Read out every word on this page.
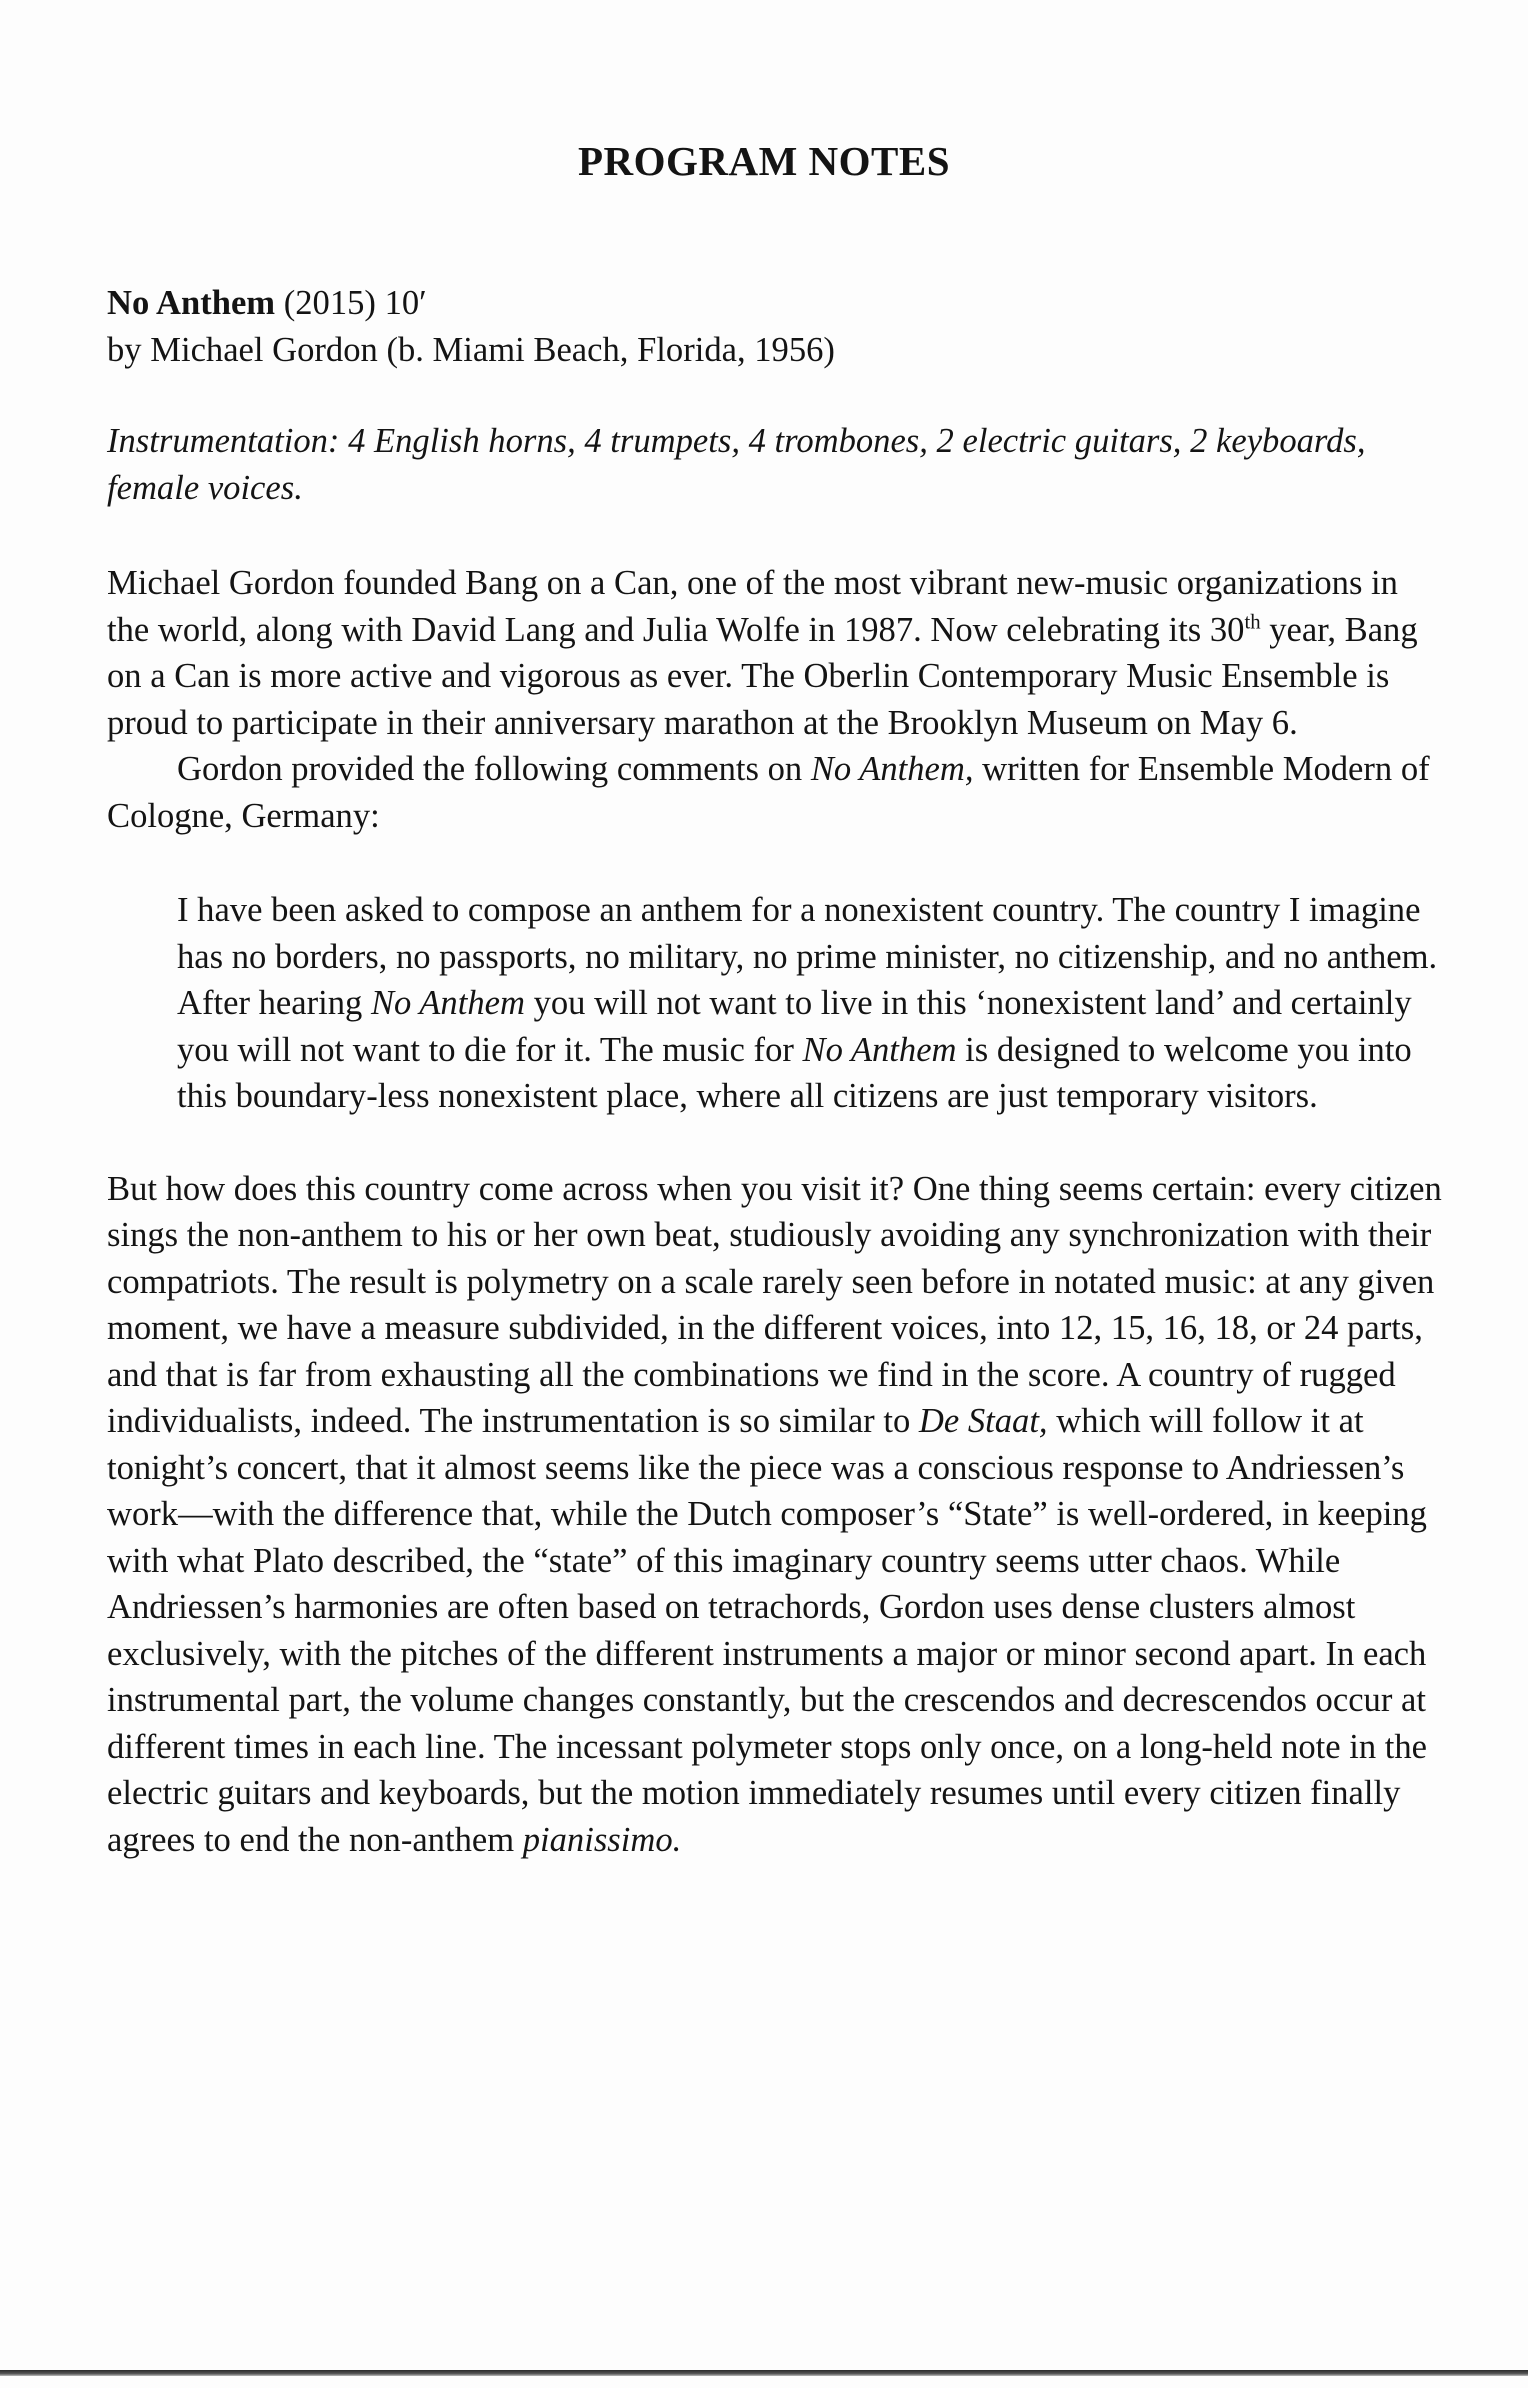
PROGRAM NOTES

No Anthem (2015) 10′

by Michael Gordon (b. Miami Beach, Florida, 1956)

Instrumentation: 4 English horns, 4 trumpets, 4 trombones, 2 electric guitars, 2 keyboards,
female voices.

Michael Gordon founded Bang on a Can, one of the most vibrant new-music organizations in the world, along with David Lang and Julia Wolfe in 1987. Now celebrating its 30th year, Bang on a Can is more active and vigorous as ever. The Oberlin Contemporary Music Ensemble is proud to participate in their anniversary marathon at the Brooklyn Museum on May 6.

Gordon provided the following comments on No Anthem, written for Ensemble Modern of Cologne, Germany:

I have been asked to compose an anthem for a nonexistent country. The country I imagine has no borders, no passports, no military, no prime minister, no citizenship, and no anthem. After hearing No Anthem you will not want to live in this ‘nonexistent land’ and certainly you will not want to die for it. The music for No Anthem is designed to welcome you into this boundary-less nonexistent place, where all citizens are just temporary visitors.

But how does this country come across when you visit it? One thing seems certain: every citizen sings the non-anthem to his or her own beat, studiously avoiding any synchronization with their compatriots. The result is polymetry on a scale rarely seen before in notated music: at any given moment, we have a measure subdivided, in the different voices, into 12, 15, 16, 18, or 24 parts, and that is far from exhausting all the combinations we find in the score. A country of rugged individualists, indeed. The instrumentation is so similar to De Staat, which will follow it at tonight’s concert, that it almost seems like the piece was a conscious response to Andriessen’s work—with the difference that, while the Dutch composer’s “State” is well-ordered, in keeping with what Plato described, the “state” of this imaginary country seems utter chaos. While Andriessen’s harmonies are often based on tetrachords, Gordon uses dense clusters almost exclusively, with the pitches of the different instruments a major or minor second apart. In each instrumental part, the volume changes constantly, but the crescendos and decrescendos occur at different times in each line. The incessant polymeter stops only once, on a long-held note in the electric guitars and keyboards, but the motion immediately resumes until every citizen finally agrees to end the non-anthem pianissimo.
